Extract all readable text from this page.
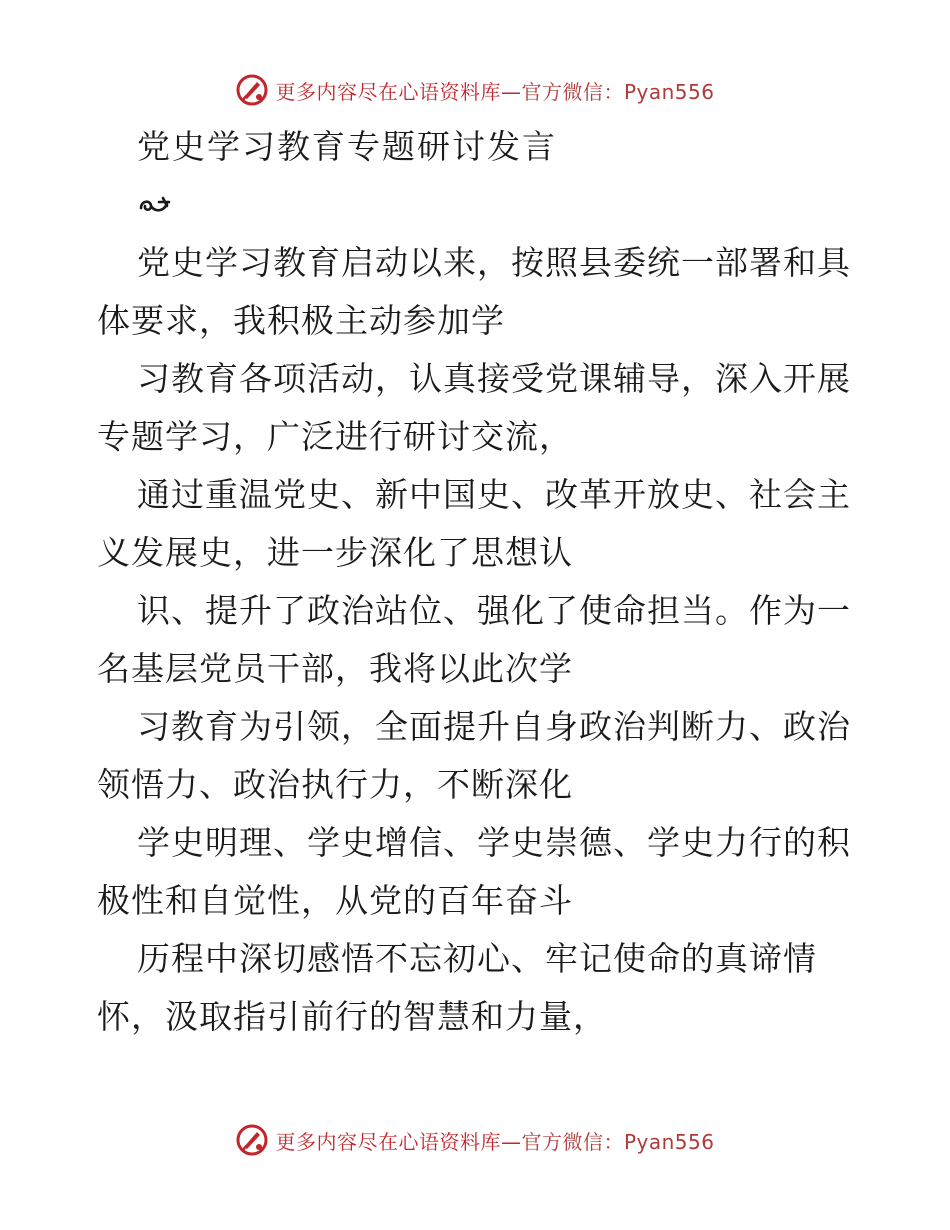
更多内容尽在心语资料库—官方微信：Pyan556
党史学习教育专题研讨发言
党史学习教育启动以来，按照县委统一部署和具
体要求，我积极主动参加学
习教育各项活动，认真接受党课辅导，深入开展
专题学习，广泛进行研讨交流，
通过重温党史、新中国史、改革开放史、社会主
义发展史，进一步深化了思想认
识、提升了政治站位、强化了使命担当。作为一
名基层党员干部，我将以此次学
习教育为引领，全面提升自身政治判断力、政治
领悟力、政治执行力，不断深化
学史明理、学史增信、学史崇德、学史力行的积
极性和自觉性，从党的百年奋斗
历程中深切感悟不忘初心、牢记使命的真谛情
怀，汲取指引前行的智慧和力量，
更多内容尽在心语资料库—官方微信：Pyan556
